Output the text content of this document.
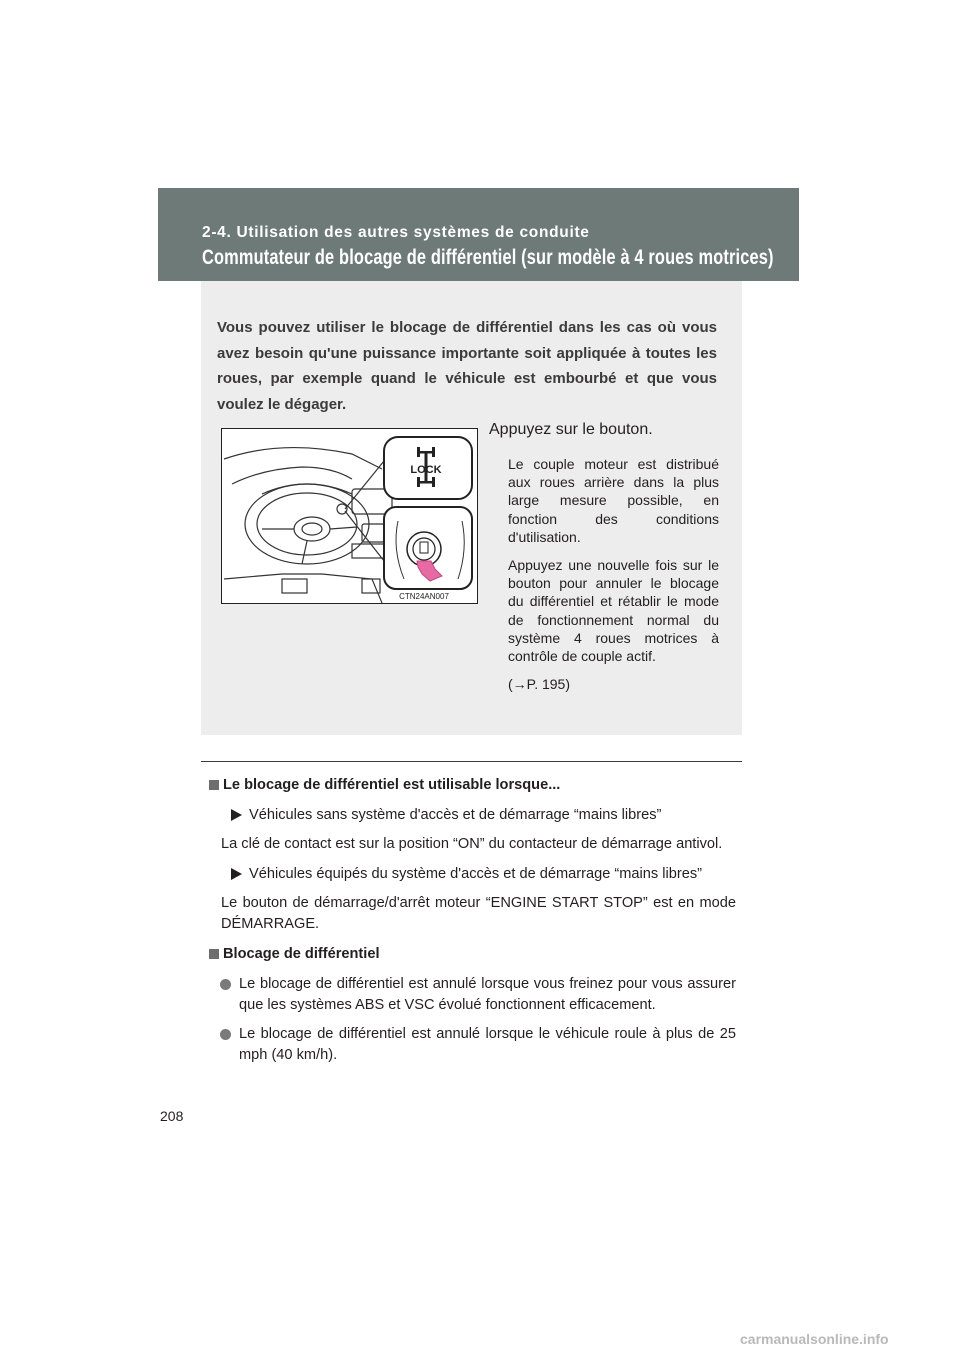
2-4. Utilisation des autres systèmes de conduite
Commutateur de blocage de différentiel (sur modèle à 4 roues motrices)
Vous pouvez utiliser le blocage de différentiel dans les cas où vous avez besoin qu'une puissance importante soit appliquée à toutes les roues, par exemple quand le véhicule est embourbé et que vous voulez le dégager.
LOCK
CTN24AN007
Appuyez sur le bouton.

Le couple moteur est distribué aux roues arrière dans la plus large mesure possible, en fonction des conditions d'utilisation.

Appuyez une nouvelle fois sur le bouton pour annuler le blocage du différentiel et rétablir le mode de fonctionnement normal du système 4 roues motrices à contrôle de couple actif.

(→P. 195)

Le blocage de différentiel est utilisable lorsque...
Véhicules sans système d'accès et de démarrage “mains libres”
La clé de contact est sur la position “ON” du contacteur de démarrage antivol.
Véhicules équipés du système d'accès et de démarrage “mains libres”
Le bouton de démarrage/d'arrêt moteur “ENGINE START STOP” est en mode DÉMARRAGE.
Blocage de différentiel
Le blocage de différentiel est annulé lorsque vous freinez pour vous assurer que les systèmes ABS et VSC évolué fonctionnent efficacement.
Le blocage de différentiel est annulé lorsque le véhicule roule à plus de 25 mph (40 km/h).
208
carmanualsonline.info
